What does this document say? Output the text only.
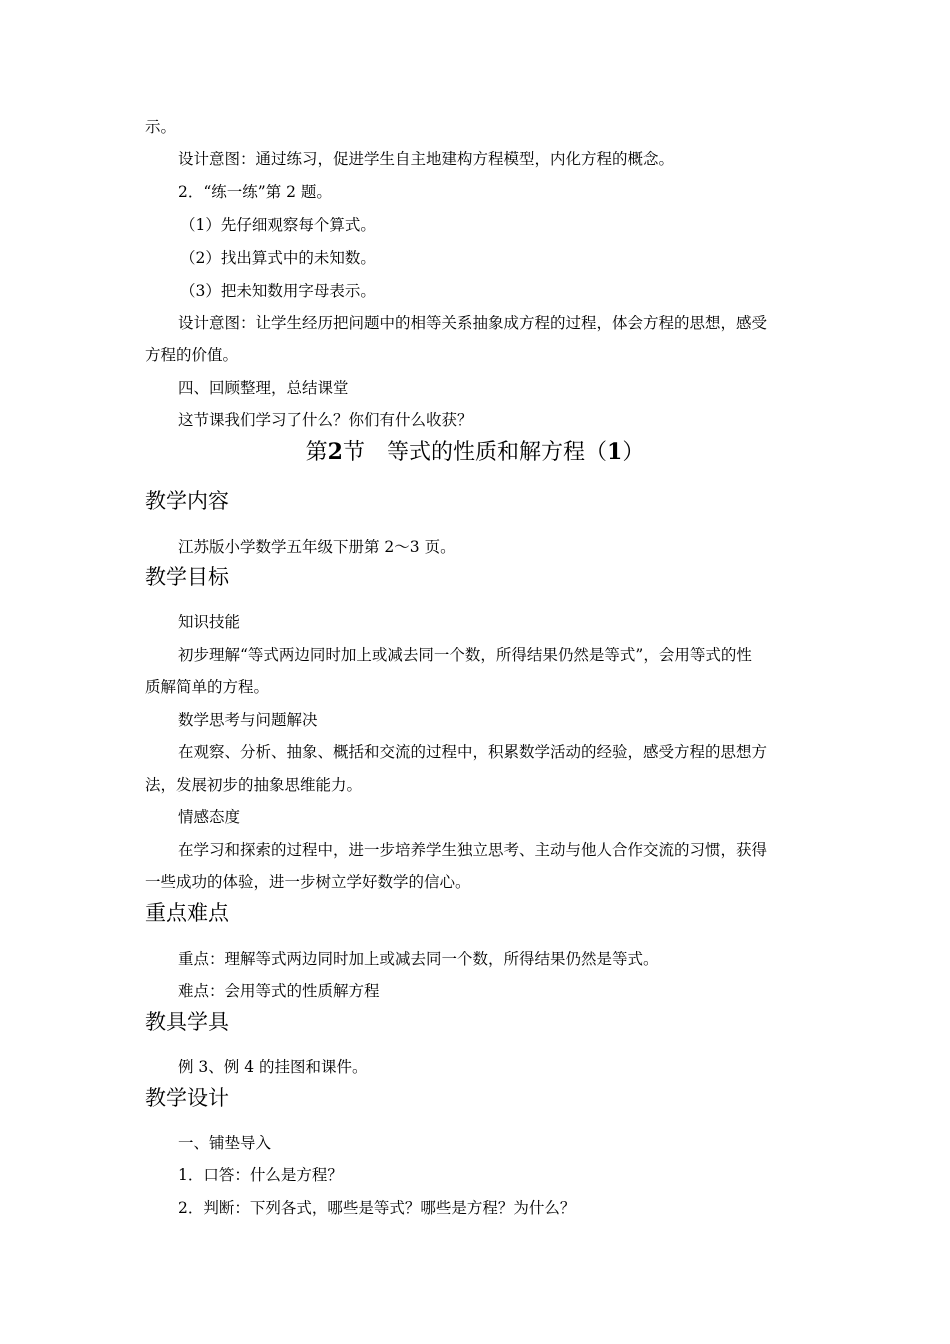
示。
设计意图：通过练习，促进学生自主地建构方程模型，内化方程的概念。
2．“练一练”第 2 题。
（1）先仔细观察每个算式。
（2）找出算式中的未知数。
（3）把未知数用字母表示。
设计意图：让学生经历把问题中的相等关系抽象成方程的过程，体会方程的思想，感受
方程的价值。
四、回顾整理，总结课堂
这节课我们学习了什么？你们有什么收获？
第2节　等式的性质和解方程（1）
教学内容
江苏版小学数学五年级下册第 2～3 页。
教学目标
知识技能
初步理解“等式两边同时加上或减去同一个数，所得结果仍然是等式”，会用等式的性
质解简单的方程。
数学思考与问题解决
在观察、分析、抽象、概括和交流的过程中，积累数学活动的经验，感受方程的思想方
法，发展初步的抽象思维能力。
情感态度
在学习和探索的过程中，进一步培养学生独立思考、主动与他人合作交流的习惯，获得
一些成功的体验，进一步树立学好数学的信心。
重点难点
重点：理解等式两边同时加上或减去同一个数，所得结果仍然是等式。
难点：会用等式的性质解方程
教具学具
例 3、例 4 的挂图和课件。
教学设计
一、铺垫导入
1．口答：什么是方程？
2．判断：下列各式，哪些是等式？哪些是方程？为什么？
